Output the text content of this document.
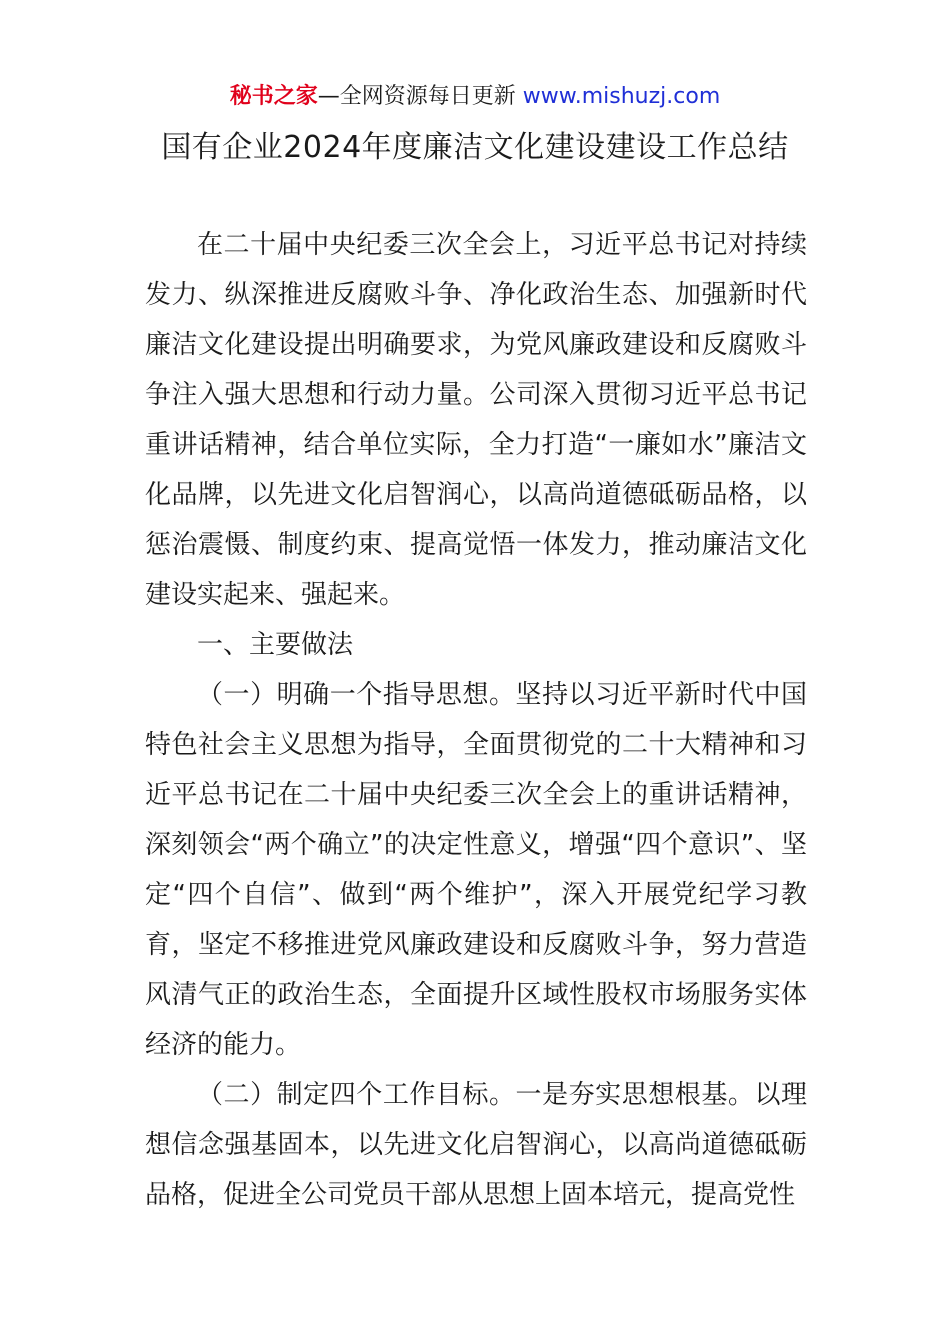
秘书之家—全网资源每日更新 www.mishuzj.com
国有企业2024年度廉洁文化建设建设工作总结

在二十届中央纪委三次全会上，习近平总书记对持续发力、纵深推进反腐败斗争、净化政治生态、加强新时代廉洁文化建设提出明确要求，为党风廉政建设和反腐败斗争注入强大思想和行动力量。公司深入贯彻习近平总书记重讲话精神，结合单位实际，全力打造“一廉如水”廉洁文化品牌，以先进文化启智润心，以高尚道德砥砺品格，以惩治震慑、制度约束、提高觉悟一体发力，推动廉洁文化建设实起来、强起来。

一、主要做法

（一）明确一个指导思想。坚持以习近平新时代中国特色社会主义思想为指导，全面贯彻党的二十大精神和习近平总书记在二十届中央纪委三次全会上的重讲话精神，深刻领会“两个确立”的决定性意义，增强“四个意识”、坚定“四个自信”、做到“两个维护”，深入开展党纪学习教育，坚定不移推进党风廉政建设和反腐败斗争，努力营造风清气正的政治生态，全面提升区域性股权市场服务实体经济的能力。

（二）制定四个工作目标。一是夯实思想根基。以理想信念强基固本，以先进文化启智润心，以高尚道德砥砺品格，促进全公司党员干部从思想上固本培元，提高党性
